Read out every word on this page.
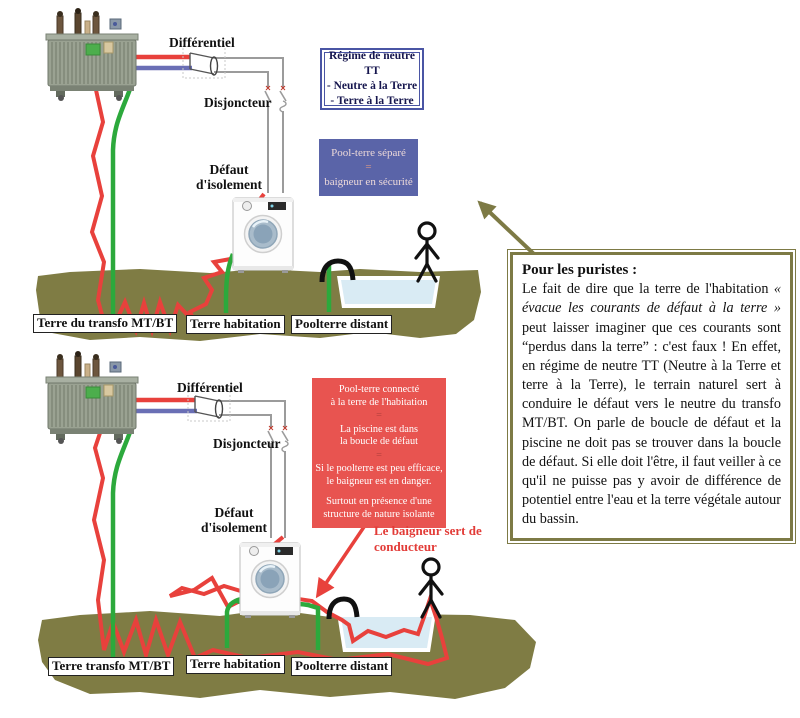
Différentiel
Disjoncteur
Défaut
d'isolement
Terre du transfo MT/BT	Terre habitation	Poolterre distant
Régime de neutre TT
- Neutre à la Terre
- Terre à la Terre
Pool-terre séparé
=
baigneur en sécurité
Différentiel
Disjoncteur
Défaut
d'isolement
Terre transfo MT/BT	Terre habitation	Poolterre distant
Pool-terre connecté
à la terre de l'habitation
=
La piscine est dans
la boucle de défaut
=
Si le poolterre est peu efficace,
le baigneur est en danger.
Surtout en présence d'une
structure de nature isolante
Le baigneur sert de
conducteur
Pour les puristes :
Le fait de dire que la terre de l'habitation « évacue les courants de défaut à la terre » peut laisser imaginer que ces courants sont “perdus dans la terre” : c'est faux ! En effet, en régime de neutre TT (Neutre à la Terre et terre à la Terre), le terrain naturel sert à conduire le défaut vers le neutre du transfo MT/BT. On parle de boucle de défaut et la piscine ne doit pas se trouver dans la boucle de défaut. Si elle doit l'être, il faut veiller à ce qu'il ne puisse pas y avoir de différence de potentiel entre l'eau et la terre végétale autour du bassin.
